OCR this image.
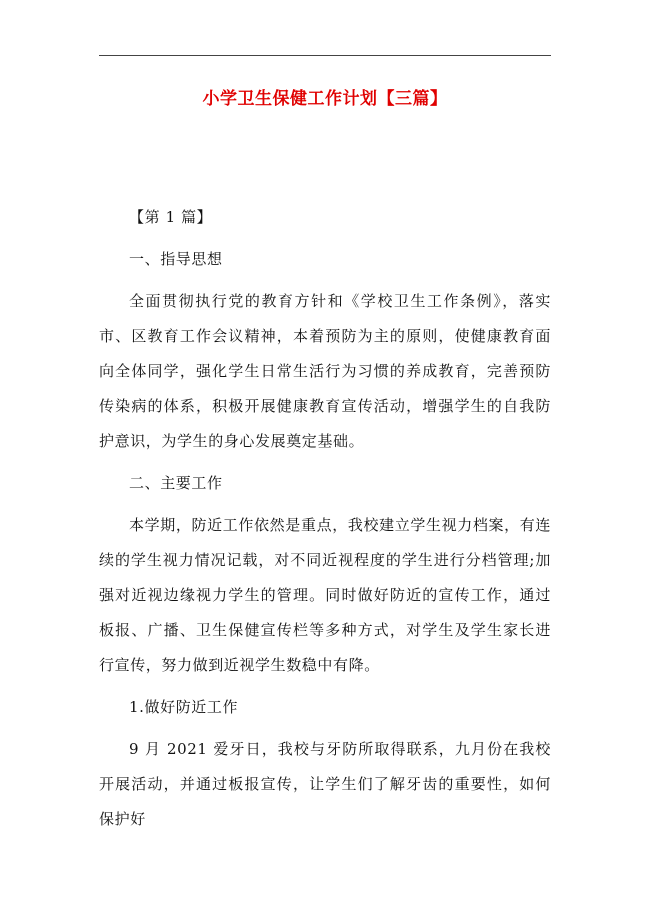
小学卫生保健工作计划【三篇】

【第 1 篇】

一、指导思想

全面贯彻执行党的教育方针和《学校卫生工作条例》，落实市、区教育工作会议精神，本着预防为主的原则，使健康教育面向全体同学，强化学生日常生活行为习惯的养成教育，完善预防传染病的体系，积极开展健康教育宣传活动，增强学生的自我防护意识，为学生的身心发展奠定基础。

二、主要工作

本学期，防近工作依然是重点，我校建立学生视力档案，有连续的学生视力情况记载，对不同近视程度的学生进行分档管理;加强对近视边缘视力学生的管理。同时做好防近的宣传工作，通过板报、广播、卫生保健宣传栏等多种方式，对学生及学生家长进行宣传，努力做到近视学生数稳中有降。

1.做好防近工作

9 月 2021 爱牙日，我校与牙防所取得联系，九月份在我校开展活动，并通过板报宣传，让学生们了解牙齿的重要性，如何保护好
